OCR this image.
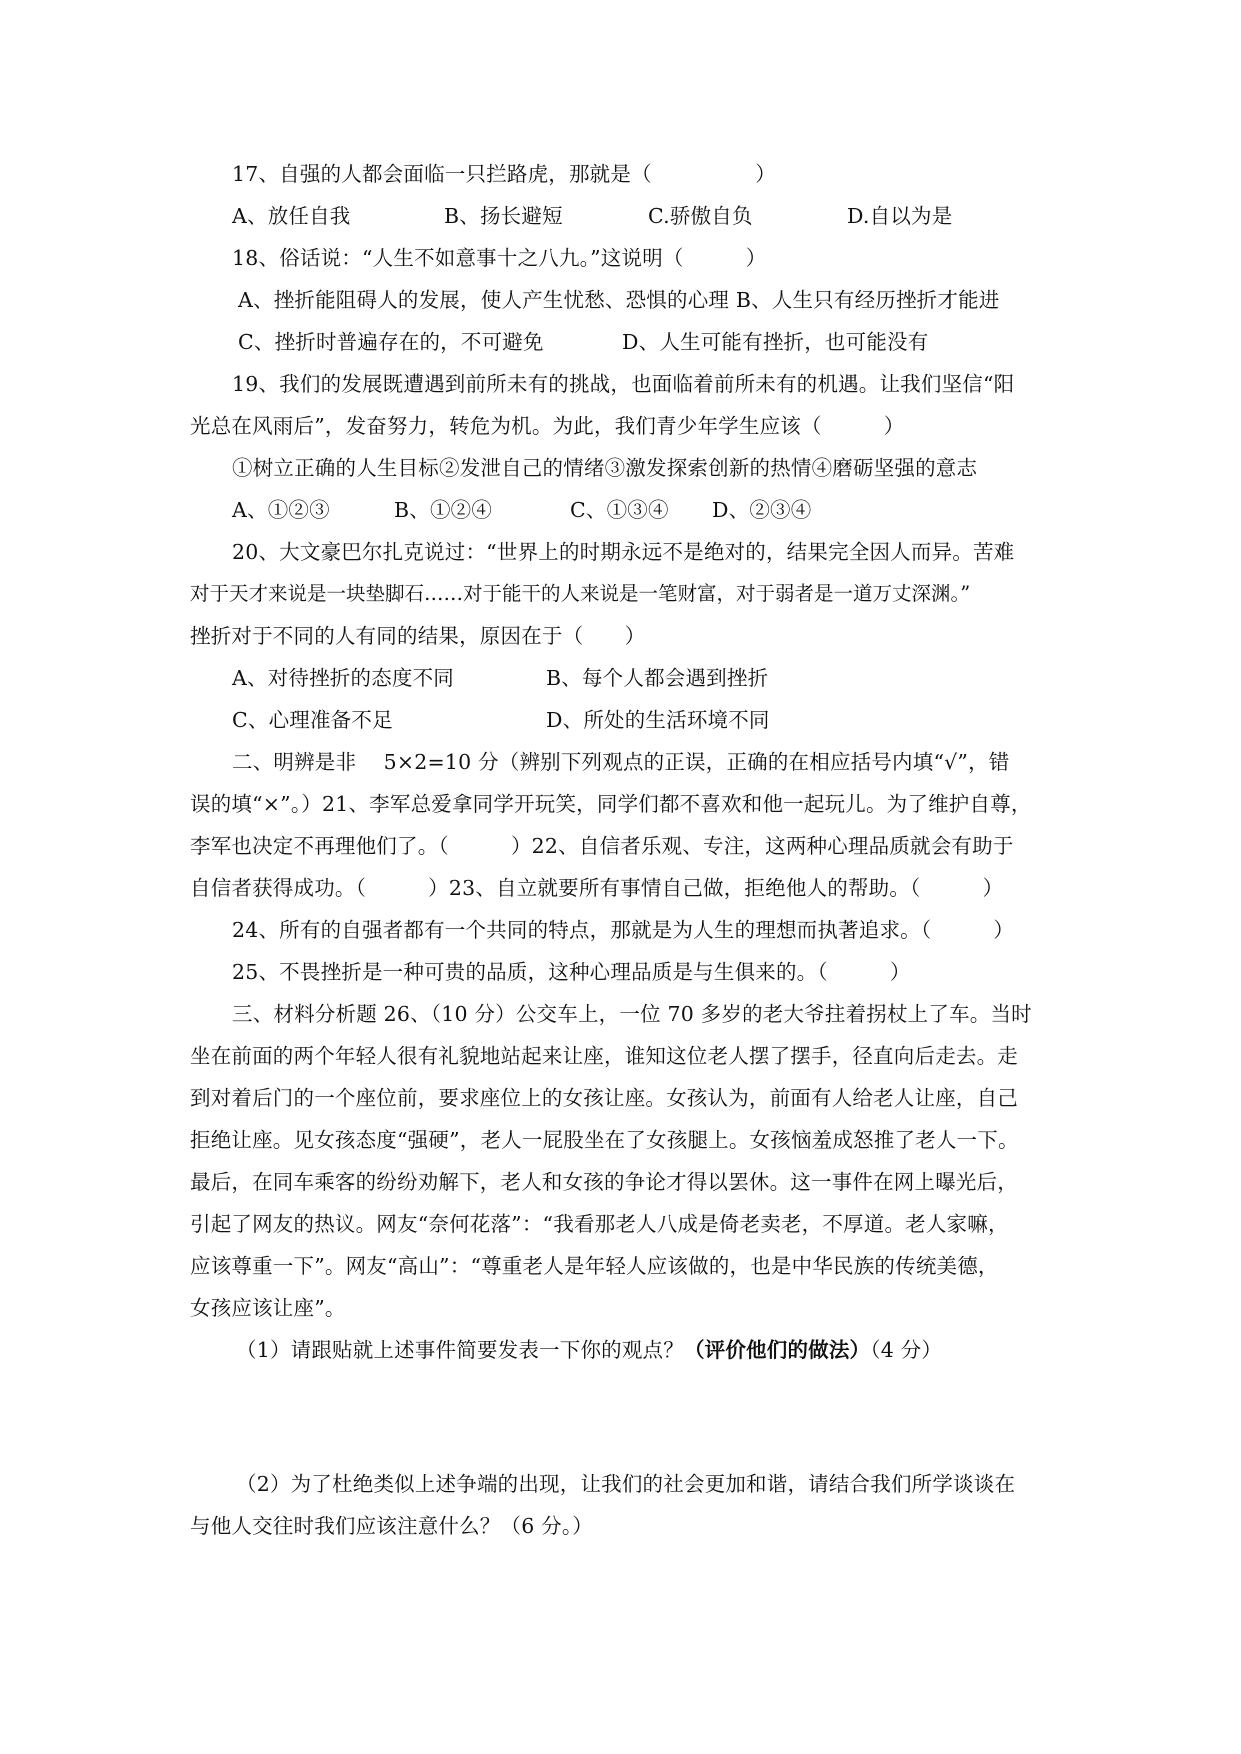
17、自强的人都会面临一只拦路虎，那就是（　　　　　）
A、放任自我	B、扬长避短	C.骄傲自负	D.自以为是
18、俗话说：“人生不如意事十之八九。”这说明（　　　）
A、挫折能阻碍人的发展，使人产生忧愁、恐惧的心理 B、人生只有经历挫折才能进
C、挫折时普遍存在的，不可避免	D、人生可能有挫折，也可能没有
19、我们的发展既遭遇到前所未有的挑战，也面临着前所未有的机遇。让我们坚信“阳
光总在风雨后”，发奋努力，转危为机。为此，我们青少年学生应该（　　　）
①树立正确的人生目标②发泄自己的情绪③激发探索创新的热情④磨砺坚强的意志
A、①②③	B、①②④	C、①③④ D、②③④
20、大文豪巴尔扎克说过：“世界上的时期永远不是绝对的，结果完全因人而异。苦难
对于天才来说是一块垫脚石……对于能干的人来说是一笔财富，对于弱者是一道万丈深渊。”
挫折对于不同的人有同的结果，原因在于（　　）
A、对待挫折的态度不同	B、每个人都会遇到挫折
C、心理准备不足	D、所处的生活环境不同
二、明辨是非　 5×2=10 分（辨别下列观点的正误，正确的在相应括号内填“√”，错
误的填“×”。）21、李军总爱拿同学开玩笑，同学们都不喜欢和他一起玩儿。为了维护自尊，
李军也决定不再理他们了。（　　　）22、自信者乐观、专注，这两种心理品质就会有助于
自信者获得成功。（　　　）23、自立就要所有事情自己做，拒绝他人的帮助。（　　　）
24、所有的自强者都有一个共同的特点，那就是为人生的理想而执著追求。（　　　）
25、不畏挫折是一种可贵的品质，这种心理品质是与生俱来的。（　　　）
三、材料分析题 26、（10 分）公交车上，一位 70 多岁的老大爷拄着拐杖上了车。当时
坐在前面的两个年轻人很有礼貌地站起来让座，谁知这位老人摆了摆手，径直向后走去。走
到对着后门的一个座位前，要求座位上的女孩让座。女孩认为，前面有人给老人让座，自己
拒绝让座。见女孩态度“强硬”，老人一屁股坐在了女孩腿上。女孩恼羞成怒推了老人一下。
最后，在同车乘客的纷纷劝解下，老人和女孩的争论才得以罢休。这一事件在网上曝光后，
引起了网友的热议。网友“奈何花落”：“我看那老人八成是倚老卖老，不厚道。老人家嘛，
应该尊重一下”。网友“高山”：“尊重老人是年轻人应该做的，也是中华民族的传统美德，
女孩应该让座”。
（1）请跟贴就上述事件简要发表一下你的观点？（评价他们的做法）（4 分）
（2）为了杜绝类似上述争端的出现，让我们的社会更加和谐，请结合我们所学谈谈在
与他人交往时我们应该注意什么？（6 分。）
